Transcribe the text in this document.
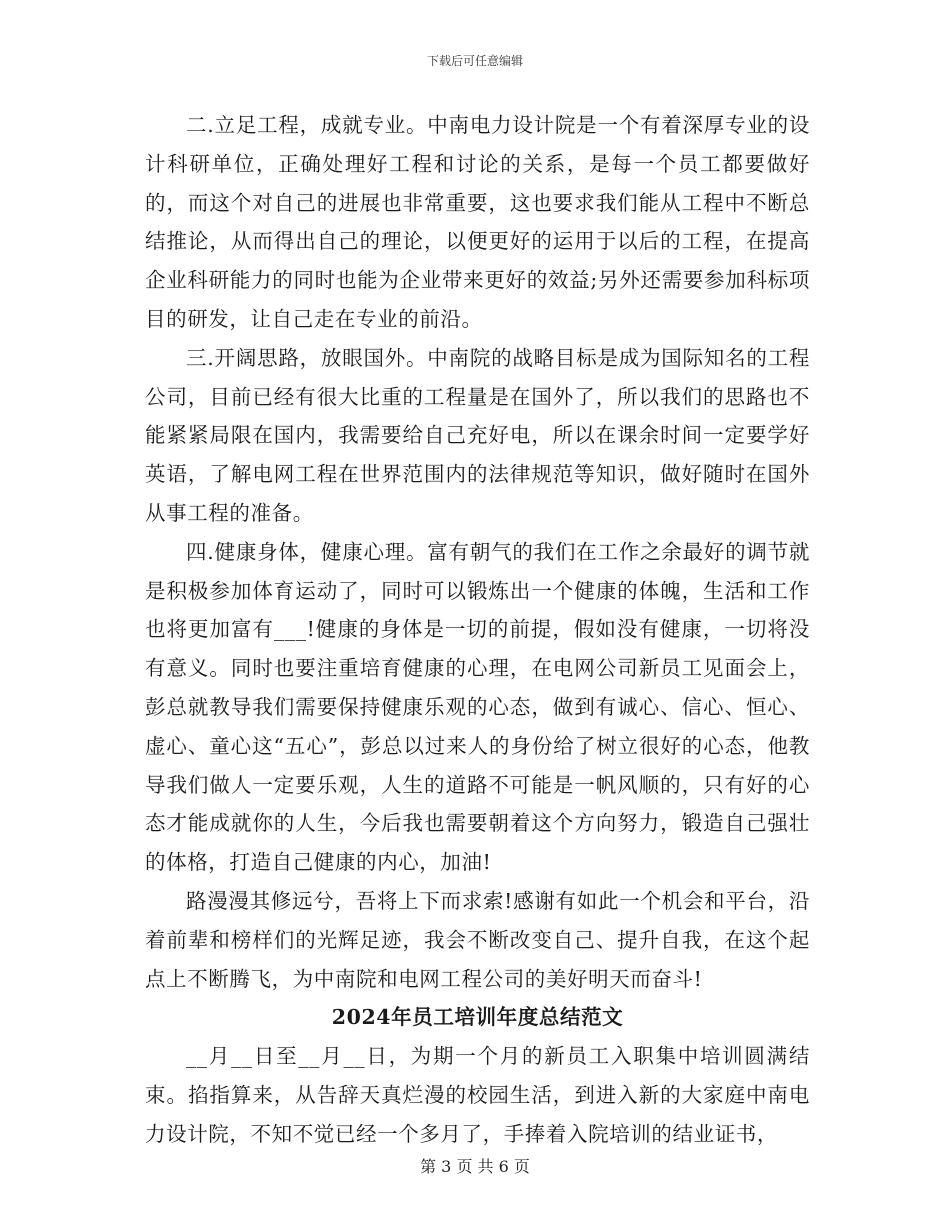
下载后可任意编辑

二.立足工程，成就专业。中南电力设计院是一个有着深厚专业的设计科研单位，正确处理好工程和讨论的关系，是每一个员工都要做好的，而这个对自己的进展也非常重要，这也要求我们能从工程中不断总结推论，从而得出自己的理论，以便更好的运用于以后的工程，在提高企业科研能力的同时也能为企业带来更好的效益;另外还需要参加科标项目的研发，让自己走在专业的前沿。

三.开阔思路，放眼国外。中南院的战略目标是成为国际知名的工程公司，目前已经有很大比重的工程量是在国外了，所以我们的思路也不能紧紧局限在国内，我需要给自己充好电，所以在课余时间一定要学好英语，了解电网工程在世界范围内的法律规范等知识，做好随时在国外从事工程的准备。

四.健康身体，健康心理。富有朝气的我们在工作之余最好的调节就是积极参加体育运动了，同时可以锻炼出一个健康的体魄，生活和工作也将更加富有___!健康的身体是一切的前提，假如没有健康，一切将没有意义。同时也要注重培育健康的心理，在电网公司新员工见面会上，彭总就教导我们需要保持健康乐观的心态，做到有诚心、信心、恒心、虚心、童心这“五心”，彭总以过来人的身份给了树立很好的心态，他教导我们做人一定要乐观，人生的道路不可能是一帆风顺的，只有好的心态才能成就你的人生，今后我也需要朝着这个方向努力，锻造自己强壮的体格，打造自己健康的内心，加油!

路漫漫其修远兮，吾将上下而求索!感谢有如此一个机会和平台，沿着前辈和榜样们的光辉足迹，我会不断改变自己、提升自我，在这个起点上不断腾飞，为中南院和电网工程公司的美好明天而奋斗!

2024年员工培训年度总结范文

__月__日至__月__日，为期一个月的新员工入职集中培训圆满结束。掐指算来，从告辞天真烂漫的校园生活，到进入新的大家庭中南电力设计院，不知不觉已经一个多月了，手捧着入院培训的结业证书，

第 3 页 共 6 页
